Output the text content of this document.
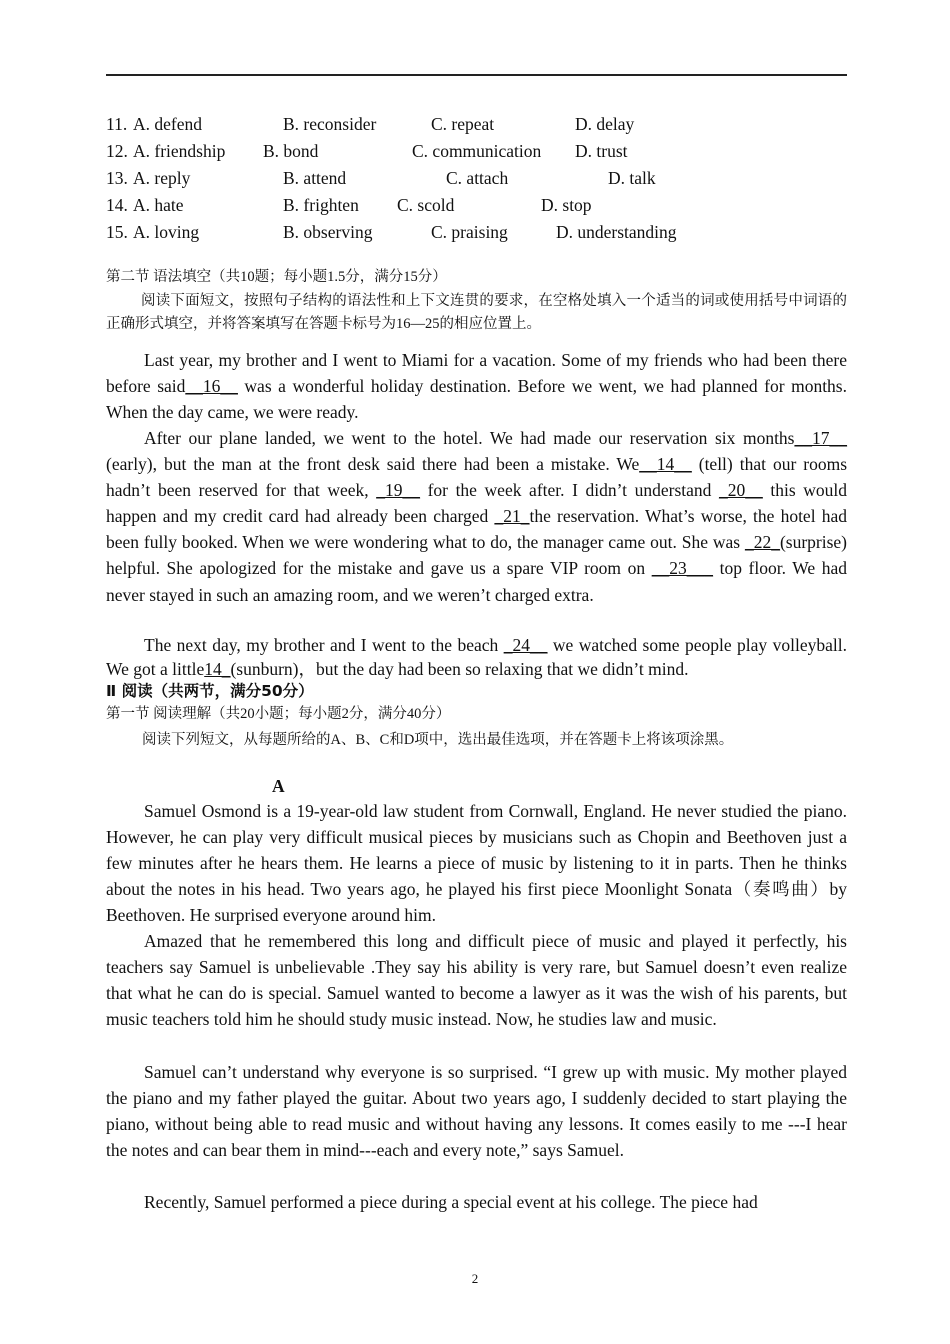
11. A. defend	B. reconsider	C. repeat	D. delay
12. A. friendship B. bond	C. communication D. trust
13. A. reply	B. attend	C. attach	D. talk
14. A. hate	B. frighten C. scold	D. stop
15. A. loving	B. observing	C. praising	D. understanding
第二节 语法填空（共10题；每小题1.5分，满分15分）
阅读下面短文，按照句子结构的语法性和上下文连贯的要求，在空格处填入一个适当的词或使用括号中词语的正确形式填空，并将答案填写在答题卡标号为16—25的相应位置上。

Last year, my brother and I went to Miami for a vacation. Some of my friends who had been there before said__16__ was a wonderful holiday destination. Before we went, we had planned for months. When the day came, we were ready.

After our plane landed, we went to the hotel. We had made our reservation six months__17__ (early), but the man at the front desk said there had been a mistake. We__14__ (tell) that our rooms hadn’t been reserved for that week, _19__ for the week after. I didn’t understand _20__ this would happen and my credit card had already been charged _21_the reservation. What’s worse, the hotel had been fully booked. When we were wondering what to do, the manager came out. She was _22_(surprise) helpful. She apologized for the mistake and gave us a spare VIP room on __23___ top floor. We had never stayed in such an amazing room, and we weren’t charged extra.

The next day, my brother and I went to the beach _24__ we watched some people play volleyball. We got a little14_(sunburn)，but the day had been so relaxing that we didn’t mind.

Ⅱ 阅读（共两节，满分50分）
第一节 阅读理解（共20小题；每小题2分，满分40分）
阅读下列短文，从每题所给的A、B、C和D项中，选出最佳选项，并在答题卡上将该项涂黑。
A

Samuel Osmond is a 19-year-old law student from Cornwall, England. He never studied the piano. However, he can play very difficult musical pieces by musicians such as Chopin and Beethoven just a few minutes after he hears them. He learns a piece of music by listening to it in parts. Then he thinks about the notes in his head. Two years ago, he played his first piece Moonlight Sonata（奏鸣曲）by Beethoven. He surprised everyone around him.

Amazed that he remembered this long and difficult piece of music and played it perfectly, his teachers say Samuel is unbelievable .They say his ability is very rare, but Samuel doesn’t even realize that what he can do is special. Samuel wanted to become a lawyer as it was the wish of his parents, but music teachers told him he should study music instead. Now, he studies law and music.

Samuel can’t understand why everyone is so surprised. “I grew up with music. My mother played the piano and my father played the guitar. About two years ago, I suddenly decided to start playing the piano, without being able to read music and without having any lessons. It comes easily to me ---I hear the notes and can bear them in mind---each and every note,” says Samuel.

Recently, Samuel performed a piece during a special event at his college. The piece had

2
